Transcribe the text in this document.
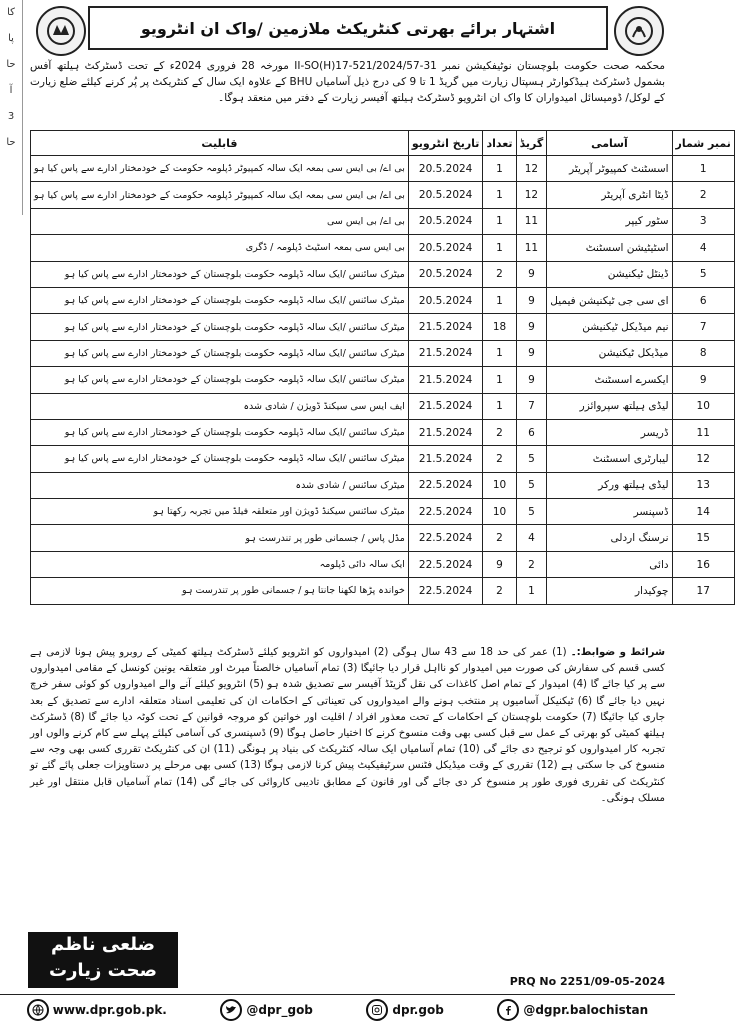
کا
پا
حا
آ
3
حا
اشتہار برائے بھرتی کنٹریکٹ ملازمین /واک ان انٹرویو
محکمہ صحت حکومت بلوچستان نوٹیفکیشن نمبر 31-521/2024/57-17(H)II-SO مورخہ 28 فروری 2024ء کے تحت ڈسٹرکٹ ہیلتھ آفس بشمول ڈسٹرکٹ ہیڈکوارٹر ہسپتال زیارت میں گریڈ 1 تا 9 کی درج ذیل آسامیاں BHU کے علاوہ ایک سال کے کنٹریکٹ پر پُر کرنے کیلئے ضلع زیارت کے لوکل/ ڈومیسائل امیدواران کا واک ان انٹرویو ڈسٹرکٹ ہیلتھ آفیسر زیارت کے دفتر میں منعقد ہوگا۔
نمبر شمار	آسامی	گریڈ	تعداد	تاریخ انٹرویو	قابلیت
1	اسسٹنٹ کمپیوٹر آپریٹر	12	1	20.5.2024	بی اے/ بی ایس سی بمعہ ایک سالہ کمپیوٹر ڈپلومہ حکومت کے خودمختار ادارے سے پاس کیا ہو
2	ڈیٹا انٹری آپریٹر	12	1	20.5.2024	بی اے/ بی ایس سی بمعہ ایک سالہ کمپیوٹر ڈپلومہ حکومت کے خودمختار ادارے سے پاس کیا ہو
3	سٹور کیپر	11	1	20.5.2024	بی اے/ بی ایس سی
4	اسٹیٹیشن اسسٹنٹ	11	1	20.5.2024	بی ایس سی بمعہ اسٹیٹ ڈپلومہ / ڈگری
5	ڈینٹل ٹیکنیشن	9	2	20.5.2024	میٹرک سائنس /ایک سالہ ڈپلومہ حکومت بلوچستان کے خودمختار ادارے سے پاس کیا ہو
6	ای سی جی ٹیکنیشن فیمیل	9	1	20.5.2024	میٹرک سائنس /ایک سالہ ڈپلومہ حکومت بلوچستان کے خودمختار ادارے سے پاس کیا ہو
7	نیم میڈیکل ٹیکنیشن	9	18	21.5.2024	میٹرک سائنس /ایک سالہ ڈپلومہ حکومت بلوچستان کے خودمختار ادارے سے پاس کیا ہو
8	میڈیکل ٹیکنیشن	9	1	21.5.2024	میٹرک سائنس /ایک سالہ ڈپلومہ حکومت بلوچستان کے خودمختار ادارے سے پاس کیا ہو
9	ایکسرے اسسٹنٹ	9	1	21.5.2024	میٹرک سائنس /ایک سالہ ڈپلومہ حکومت بلوچستان کے خودمختار ادارے سے پاس کیا ہو
10	لیڈی ہیلتھ سپروائزر	7	1	21.5.2024	ایف ایس سی سیکنڈ ڈویژن / شادی شدہ
11	ڈریسر	6	2	21.5.2024	میٹرک سائنس /ایک سالہ ڈپلومہ حکومت بلوچستان کے خودمختار ادارے سے پاس کیا ہو
12	لیبارٹری اسسٹنٹ	5	2	21.5.2024	میٹرک سائنس /ایک سالہ ڈپلومہ حکومت بلوچستان کے خودمختار ادارے سے پاس کیا ہو
13	لیڈی ہیلتھ ورکر	5	10	22.5.2024	میٹرک سائنس / شادی شدہ
14	ڈسپنسر	5	10	22.5.2024	میٹرک سائنس سیکنڈ ڈویژن اور متعلقہ فیلڈ میں تجربہ رکھتا ہو
15	نرسنگ اردلی	4	2	22.5.2024	مڈل پاس / جسمانی طور پر تندرست ہو
16	دائی	2	9	22.5.2024	ایک سالہ دائی ڈپلومہ
17	چوکیدار	1	2	22.5.2024	خواندہ پڑھا لکھنا جانتا ہو / جسمانی طور پر تندرست ہو
شرائط و ضوابط:۔ (1) عمر کی حد 18 سے 43 سال ہوگی (2) امیدواروں کو انٹرویو کیلئے ڈسٹرکٹ ہیلتھ کمیٹی کے روبرو پیش ہونا لازمی ہے کسی قسم کی سفارش کی صورت میں امیدوار کو نااہل قرار دیا جائیگا (3) تمام آسامیاں خالصتاً میرٹ اور متعلقہ یونین کونسل کے مقامی امیدواروں سے پر کیا جائے گا (4) امیدوار کے تمام اصل کاغذات کی نقل گزیٹڈ آفیسر سے تصدیق شدہ ہو (5) انٹرویو کیلئے آنے والے امیدواروں کو کوئی سفر خرچ نہیں دیا جائے گا (6) ٹیکنیکل آسامیوں پر منتخب ہونے والے امیدواروں کی تعیناتی کے احکامات ان کی تعلیمی اسناد متعلقہ ادارے سے تصدیق کے بعد جاری کیا جائیگا (7) حکومت بلوچستان کے احکامات کے تحت معذور افراد / اقلیت اور خواتین کو مروجہ قوانین کے تحت کوٹہ دیا جائے گا (8) ڈسٹرکٹ ہیلتھ کمیٹی کو بھرتی کے عمل سے قبل کسی بھی وقت منسوخ کرنے کا اختیار حاصل ہوگا (9) ڈسپنسری کی آسامی کیلئے پہلے سے کام کرنے والوں اور تجربہ کار امیدواروں کو ترجیح دی جائے گی (10) تمام آسامیاں ایک سالہ کنٹریکٹ کی بنیاد پر ہونگی (11) ان کی کنٹریکٹ تقرری کسی بھی وجہ سے منسوخ کی جا سکتی ہے (12) تقرری کے وقت میڈیکل فٹنس سرٹیفیکیٹ پیش کرنا لازمی ہوگا (13) کسی بھی مرحلے پر دستاویزات جعلی پائے گئے تو کنٹریکٹ کی تقرری فوری طور پر منسوخ کر دی جائے گی اور قانون کے مطابق تادیبی کاروائی کی جائے گی (14) تمام آسامیاں قابل منتقل اور غیر مسلک ہونگی۔
ضلعی ناظم
صحت زیارت
PRQ No 2251/09-05-2024
www.dpr.gob.pk.	@dpr_gob	dpr.gob	@dgpr.balochistan
